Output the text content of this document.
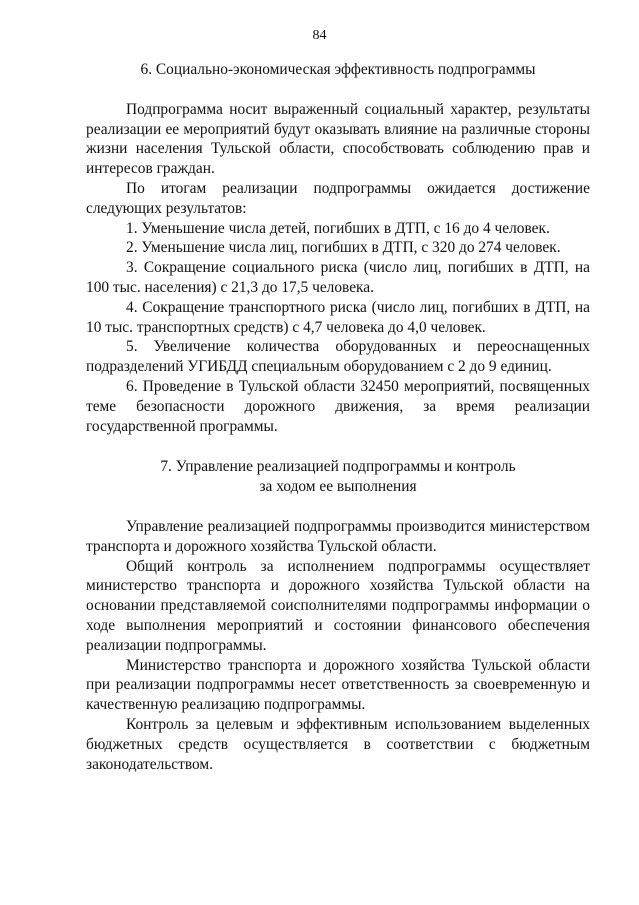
84

6. Социально-экономическая эффективность подпрограммы

Подпрограмма носит выраженный социальный характер, результаты реализации ее мероприятий будут оказывать влияние на различные стороны жизни населения Тульской области, способствовать соблюдению прав и интересов граждан.

По итогам реализации подпрограммы ожидается достижение следующих результатов:

1. Уменьшение числа детей, погибших в ДТП, с 16 до 4 человек.

2. Уменьшение числа лиц, погибших в ДТП, с 320 до 274 человек.

3. Сокращение социального риска (число лиц, погибших в ДТП, на 100 тыс. населения) с 21,3 до 17,5 человека.

4. Сокращение транспортного риска (число лиц, погибших в ДТП, на 10 тыс. транспортных средств) с 4,7 человека до 4,0 человек.

5. Увеличение количества оборудованных и переоснащенных подразделений УГИБДД специальным оборудованием с 2 до 9 единиц.

6. Проведение в Тульской области 32450 мероприятий, посвященных теме безопасности дорожного движения, за время реализации государственной программы.

7. Управление реализацией подпрограммы и контроль
за ходом ее выполнения

Управление реализацией подпрограммы производится министерством транспорта и дорожного хозяйства Тульской области.

Общий контроль за исполнением подпрограммы осуществляет министерство транспорта и дорожного хозяйства Тульской области на основании представляемой соисполнителями подпрограммы информации о ходе выполнения мероприятий и состоянии финансового обеспечения реализации подпрограммы.

Министерство транспорта и дорожного хозяйства Тульской области при реализации подпрограммы несет ответственность за своевременную и качественную реализацию подпрограммы.

Контроль за целевым и эффективным использованием выделенных бюджетных средств осуществляется в соответствии с бюджетным законодательством.
